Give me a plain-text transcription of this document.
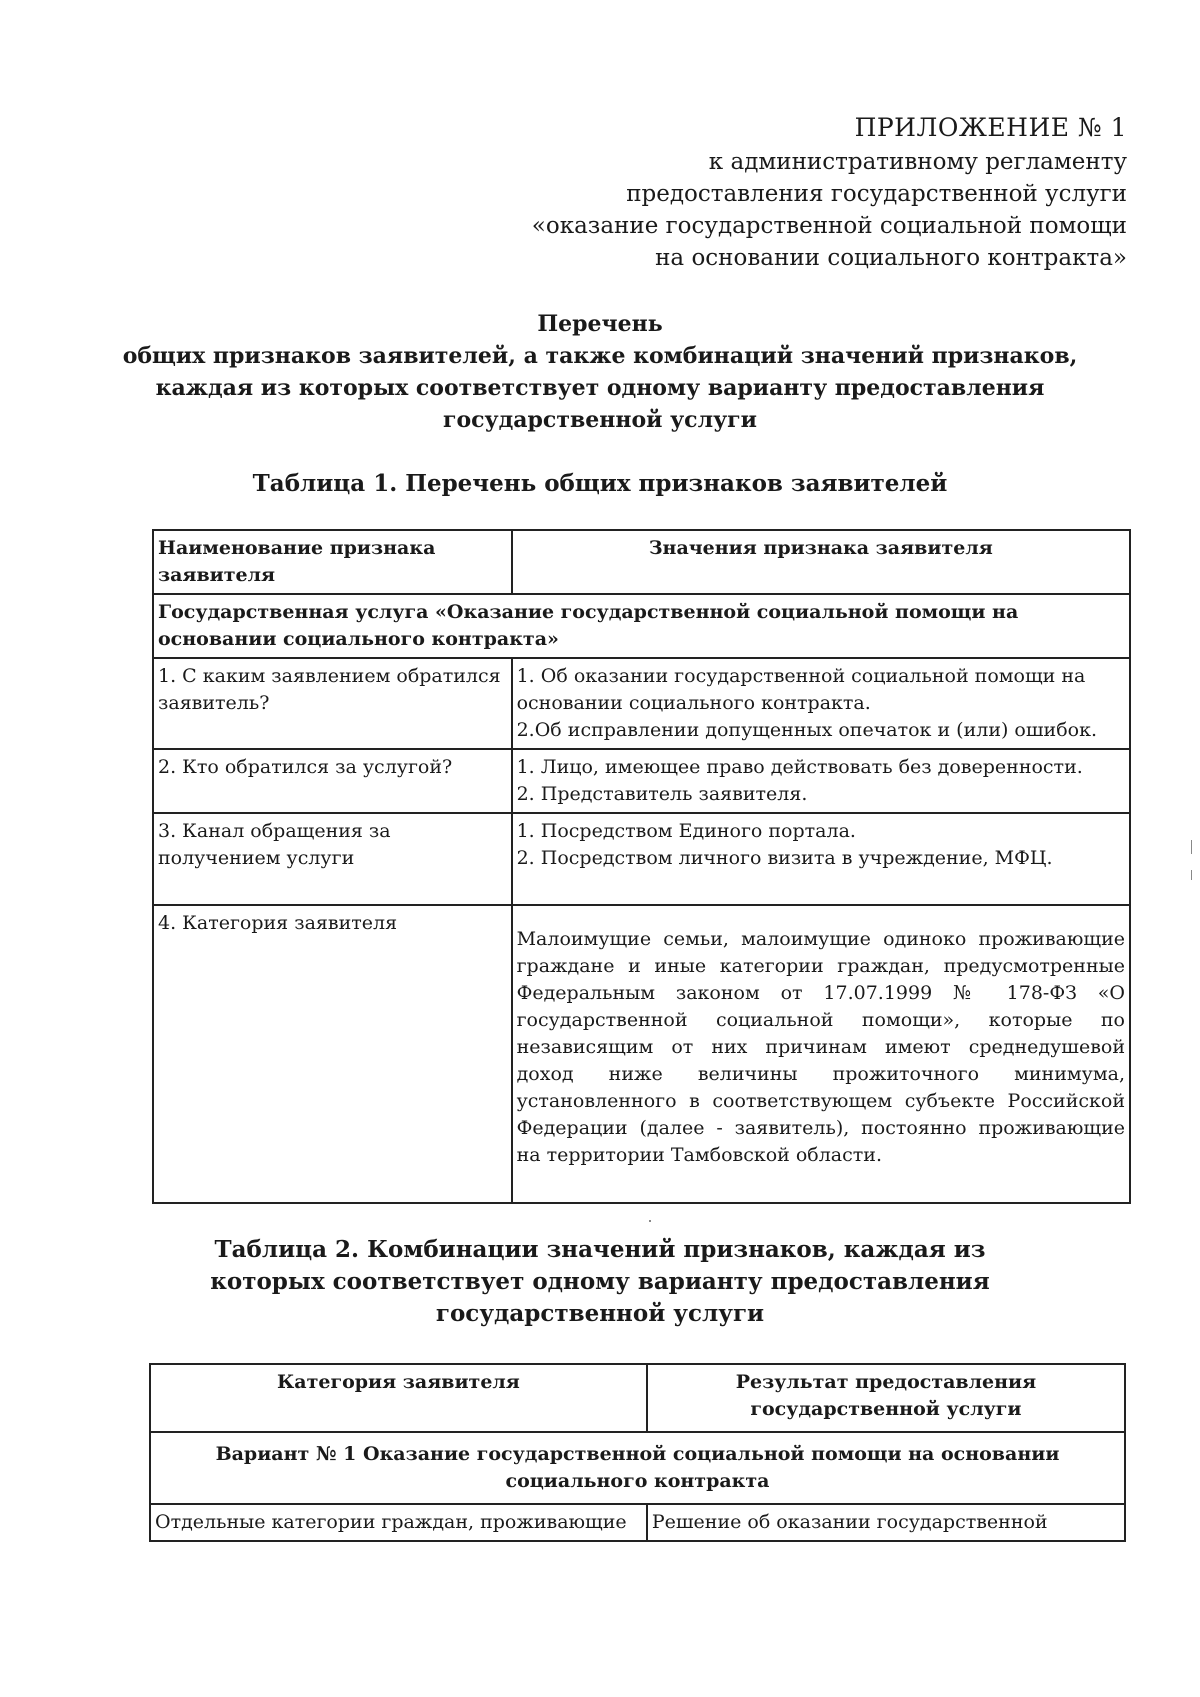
ПРИЛОЖЕНИЕ № 1
к административному регламенту
предоставления государственной услуги
«оказание государственной социальной помощи
на основании социального контракта»
Перечень
общих признаков заявителей, а также комбинаций значений признаков,
каждая из которых соответствует одному варианту предоставления
государственной услуги
Таблица 1. Перечень общих признаков заявителей
Наименование признака заявителя	Значения признака заявителя
Государственная услуга «Оказание государственной социальной помощи на основании социального контракта»	
1. С каким заявлением обратился заявитель?	1. Об оказании государственной социальной помощи на основании социального контракта.
2.Об исправлении допущенных опечаток и (или) ошибок.

2. Кто обратился за услугой?	1. Лицо, имеющее право действовать без доверенности.
2. Представитель заявителя.

3. Канал обращения за получением услуги	1. Посредством Единого портала.
2. Посредством личного визита в учреждение, МФЦ.

4. Категория заявителя	Малоимущие семьи, малоимущие одиноко проживающие граждане и иные категории граждан, предусмотренные Федеральным законом от 17.07.1999 № 178-ФЗ «О государственной социальной помощи», которые по независящим от них причинам имеют среднедушевой доход ниже величины прожиточного минимума, установленного в соответствующем субъекте Российской Федерации (далее - заявитель), постоянно проживающие на территории Тамбовской области.
Таблица 2. Комбинации значений признаков, каждая из которых соответствует одному варианту предоставления государственной услуги
Категория заявителя	Результат предоставления государственной услуги
Вариант № 1 Оказание государственной социальной помощи на основании социального контракта	
Отдельные категории граждан, проживающие	Решение об оказании государственной
